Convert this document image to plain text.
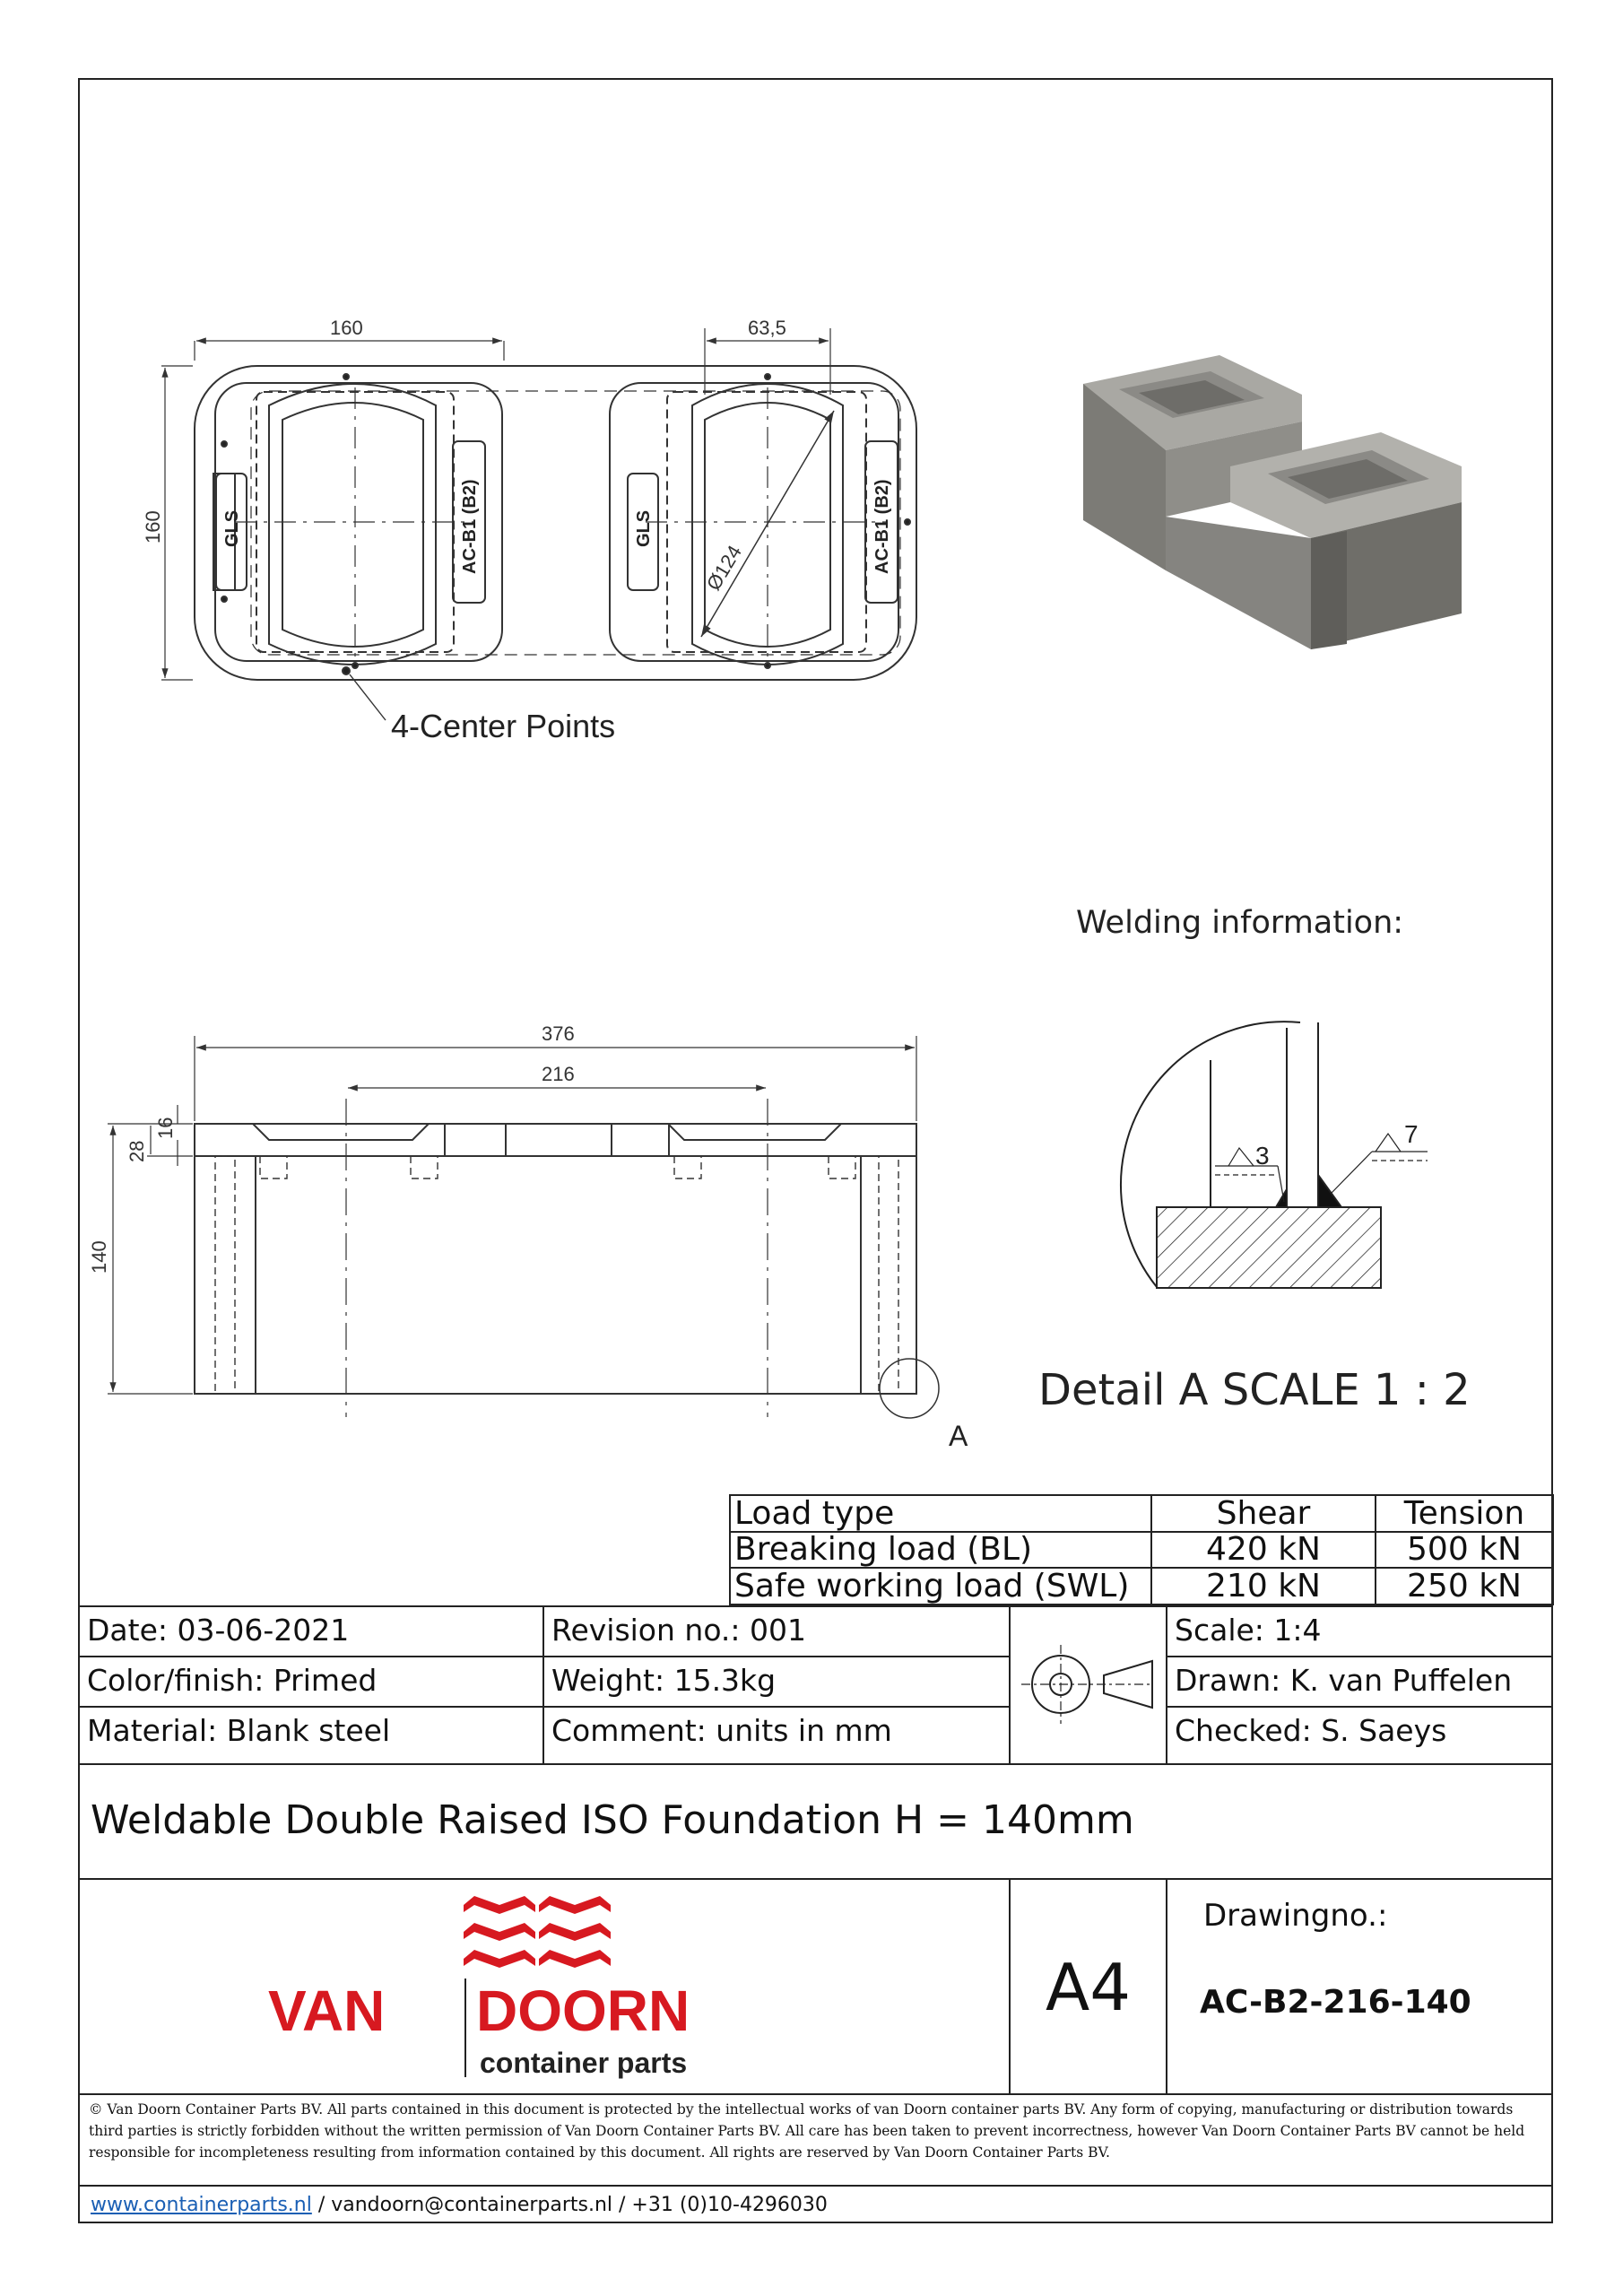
160	63,5
160
Ø124
GLS	AC-B1 (B2)	GLS	AC-B1 (B2)
4-Center Points
376
216
140
28
16
A
Welding information:
3
7
Detail A SCALE 1 : 2
Load type	Shear	Tension
Breaking load (BL)	420 kN	500 kN
Safe working load (SWL)	210 kN	250 kN
Date: 03-06-2021	Revision no.: 001	Scale: 1:4
Color/finish: Primed	Weight: 15.3kg	Drawn: K. van Puffelen
Material: Blank steel	Comment: units in mm	Checked: S. Saeys
Weldable Double Raised ISO Foundation H = 140mm
VAN DOORN
container parts
A4
Drawingno.:
AC-B2-216-140
© Van Doorn Container Parts BV. All parts contained in this document is protected by the intellectual works of van Doorn container parts BV. Any form of copying, manufacturing or distribution towards third parties is strictly forbidden without the written permission of Van Doorn Container Parts BV. All care has been taken to prevent incorrectness, however Van Doorn Container Parts BV cannot be held responsible for incompleteness resulting from information contained by this document. All rights are reserved by Van Doorn Container Parts BV.
www.containerparts.nl / vandoorn@containerparts.nl / +31 (0)10-4296030
